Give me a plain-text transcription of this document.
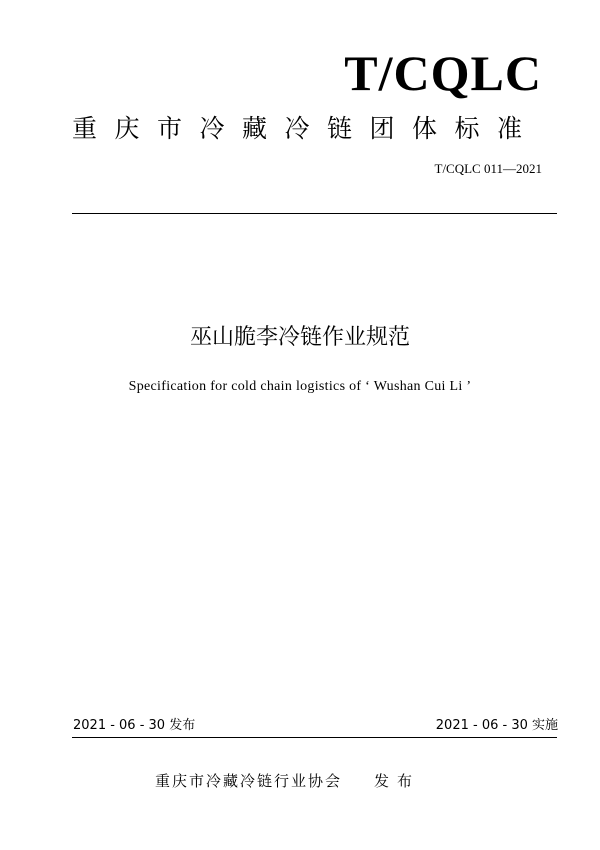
T/CQLC
重庆市冷藏冷链团体标准
T/CQLC 011—2021
巫山脆李冷链作业规范
Specification for cold chain logistics of ‘ Wushan Cui Li ’
2021 - 06 - 30 发布	2021 - 06 - 30 实施
重庆市冷藏冷链行业协会 发布
